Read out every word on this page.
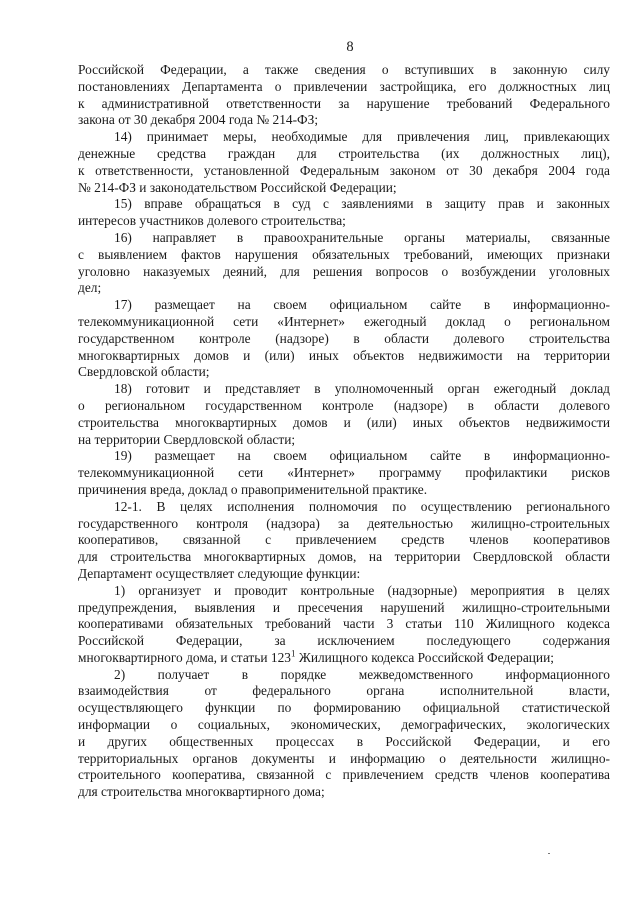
8
Российской Федерации, а также сведения о вступивших в законную силу
постановлениях Департамента о привлечении застройщика, его должностных лиц
к административной ответственности за нарушение требований Федерального
закона от 30 декабря 2004 года № 214-ФЗ;
14) принимает меры, необходимые для привлечения лиц, привлекающих
денежные средства граждан для строительства (их должностных лиц),
к ответственности, установленной Федеральным законом от 30 декабря 2004 года
№ 214-ФЗ и законодательством Российской Федерации;
15) вправе обращаться в суд с заявлениями в защиту прав и законных
интересов участников долевого строительства;
16) направляет в правоохранительные органы материалы, связанные
с выявлением фактов нарушения обязательных требований, имеющих признаки
уголовно наказуемых деяний, для решения вопросов о возбуждении уголовных
дел;
17) размещает на своем официальном сайте в информационно-
телекоммуникационной сети «Интернет» ежегодный доклад о региональном
государственном контроле (надзоре) в области долевого строительства
многоквартирных домов и (или) иных объектов недвижимости на территории
Свердловской области;
18) готовит и представляет в уполномоченный орган ежегодный доклад
о региональном государственном контроле (надзоре) в области долевого
строительства многоквартирных домов и (или) иных объектов недвижимости
на территории Свердловской области;
19) размещает на своем официальном сайте в информационно-
телекоммуникационной сети «Интернет» программу профилактики рисков
причинения вреда, доклад о правоприменительной практике.
12-1. В целях исполнения полномочия по осуществлению регионального
государственного контроля (надзора) за деятельностью жилищно-строительных
кооперативов, связанной с привлечением средств членов кооперативов
для строительства многоквартирных домов, на территории Свердловской области
Департамент осуществляет следующие функции:
1) организует и проводит контрольные (надзорные) мероприятия в целях
предупреждения, выявления и пресечения нарушений жилищно-строительными
кооперативами обязательных требований части 3 статьи 110 Жилищного кодекса
Российской Федерации, за исключением последующего содержания
многоквартирного дома, и статьи $123^1$ Жилищного кодекса Российской Федерации;
2) получает в порядке межведомственного информационного
взаимодействия от федерального органа исполнительной власти,
осуществляющего функции по формированию официальной статистической
информации о социальных, экономических, демографических, экологических
и других общественных процессах в Российской Федерации, и его
территориальных органов документы и информацию о деятельности жилищно-
строительного кооператива, связанной с привлечением средств членов кооператива
для строительства многоквартирного дома;
